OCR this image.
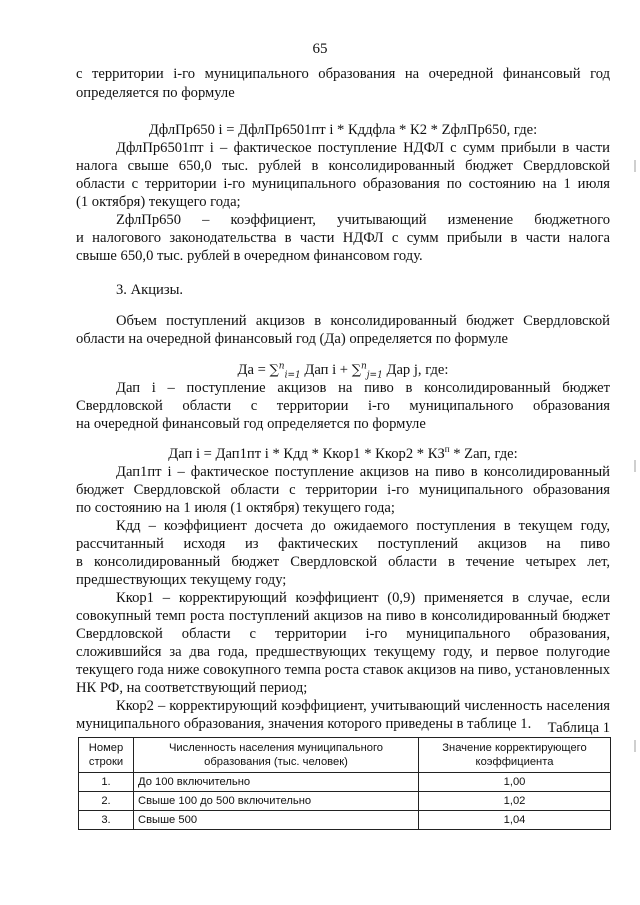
65
с территории i-го муниципального образования на очередной финансовый год
определяется по формуле
ДфлПр650 i = ДфлПр6501пт i * Кддфла * К2 * ZфлПр650, где:
ДфлПр6501пт i – фактическое поступление НДФЛ с сумм прибыли в части
налога свыше 650,0 тыс. рублей в консолидированный бюджет Свердловской
области с территории i-го муниципального образования по состоянию на 1 июля
(1 октября) текущего года;
ZфлПр650 – коэффициент, учитывающий изменение бюджетного
и налогового законодательства в части НДФЛ с сумм прибыли в части налога
свыше 650,0 тыс. рублей в очередном финансовом году.
3. Акцизы.
Объем поступлений акцизов в консолидированный бюджет Свердловской
области на очередной финансовый год (Да) определяется по формуле
Да = ∑$^n_{i=1}$ Дап i + ∑$^n_{j=1}$ Дар j, где:
Дап i – поступление акцизов на пиво в консолидированный бюджет
Свердловской области с территории i-го муниципального образования
на очередной финансовый год определяется по формуле
Дап i = Дап1пт i * Кдд * Ккор1 * Ккор2 * $КЗ^п$ * Zап, где:
Дап1пт i – фактическое поступление акцизов на пиво в консолидированный
бюджет Свердловской области с территории i-го муниципального образования
по состоянию на 1 июля (1 октября) текущего года;
Кдд – коэффициент досчета до ожидаемого поступления в текущем году,
рассчитанный исходя из фактических поступлений акцизов на пиво
в консолидированный бюджет Свердловской области в течение четырех лет,
предшествующих текущему году;
Ккор1 – корректирующий коэффициент (0,9) применяется в случае, если
совокупный темп роста поступлений акцизов на пиво в консолидированный бюджет
Свердловской области с территории i-го муниципального образования,
сложившийся за два года, предшествующих текущему году, и первое полугодие
текущего года ниже совокупного темпа роста ставок акцизов на пиво, установленных
НК РФ, на соответствующий период;
Ккор2 – корректирующий коэффициент, учитывающий численность населения
муниципального образования, значения которого приведены в таблице 1.	Таблица 1
Номер строки	Численность населения муниципального образования (тыс. человек)	Значение корректирующего коэффициента
1.	До 100 включительно	1,00
2.	Свыше 100 до 500 включительно	1,02
3.	Свыше 500	1,04
